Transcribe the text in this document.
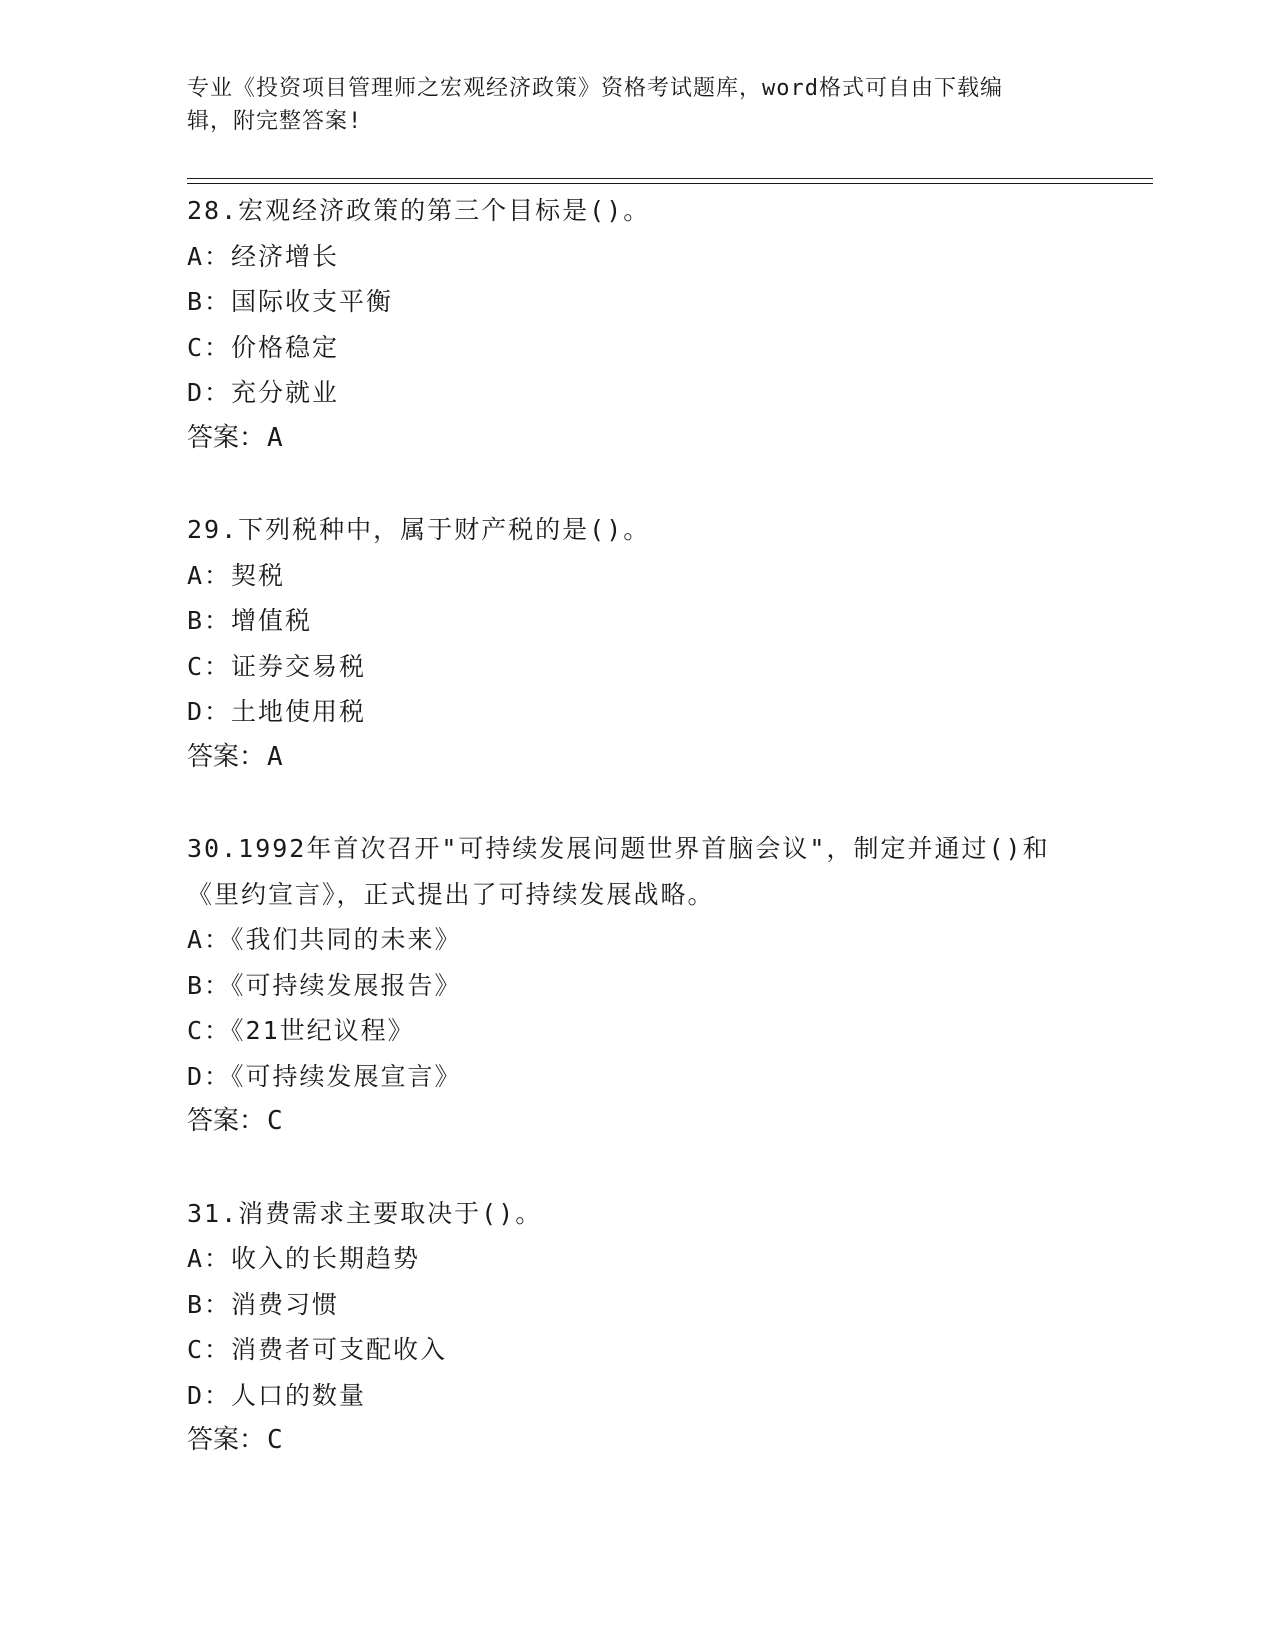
专业《投资项目管理师之宏观经济政策》资格考试题库，word格式可自由下载编
辑，附完整答案!
28.宏观经济政策的第三个目标是()。
A：经济增长
B：国际收支平衡
C：价格稳定
D：充分就业
答案：A
29.下列税种中，属于财产税的是()。
A：契税
B：增值税
C：证券交易税
D：土地使用税
答案：A
30.1992年首次召开"可持续发展问题世界首脑会议"，制定并通过()和
《里约宣言》，正式提出了可持续发展战略。
A：《我们共同的未来》
B：《可持续发展报告》
C：《21世纪议程》
D：《可持续发展宣言》
答案：C
31.消费需求主要取决于()。
A：收入的长期趋势
B：消费习惯
C：消费者可支配收入
D：人口的数量
答案：C
